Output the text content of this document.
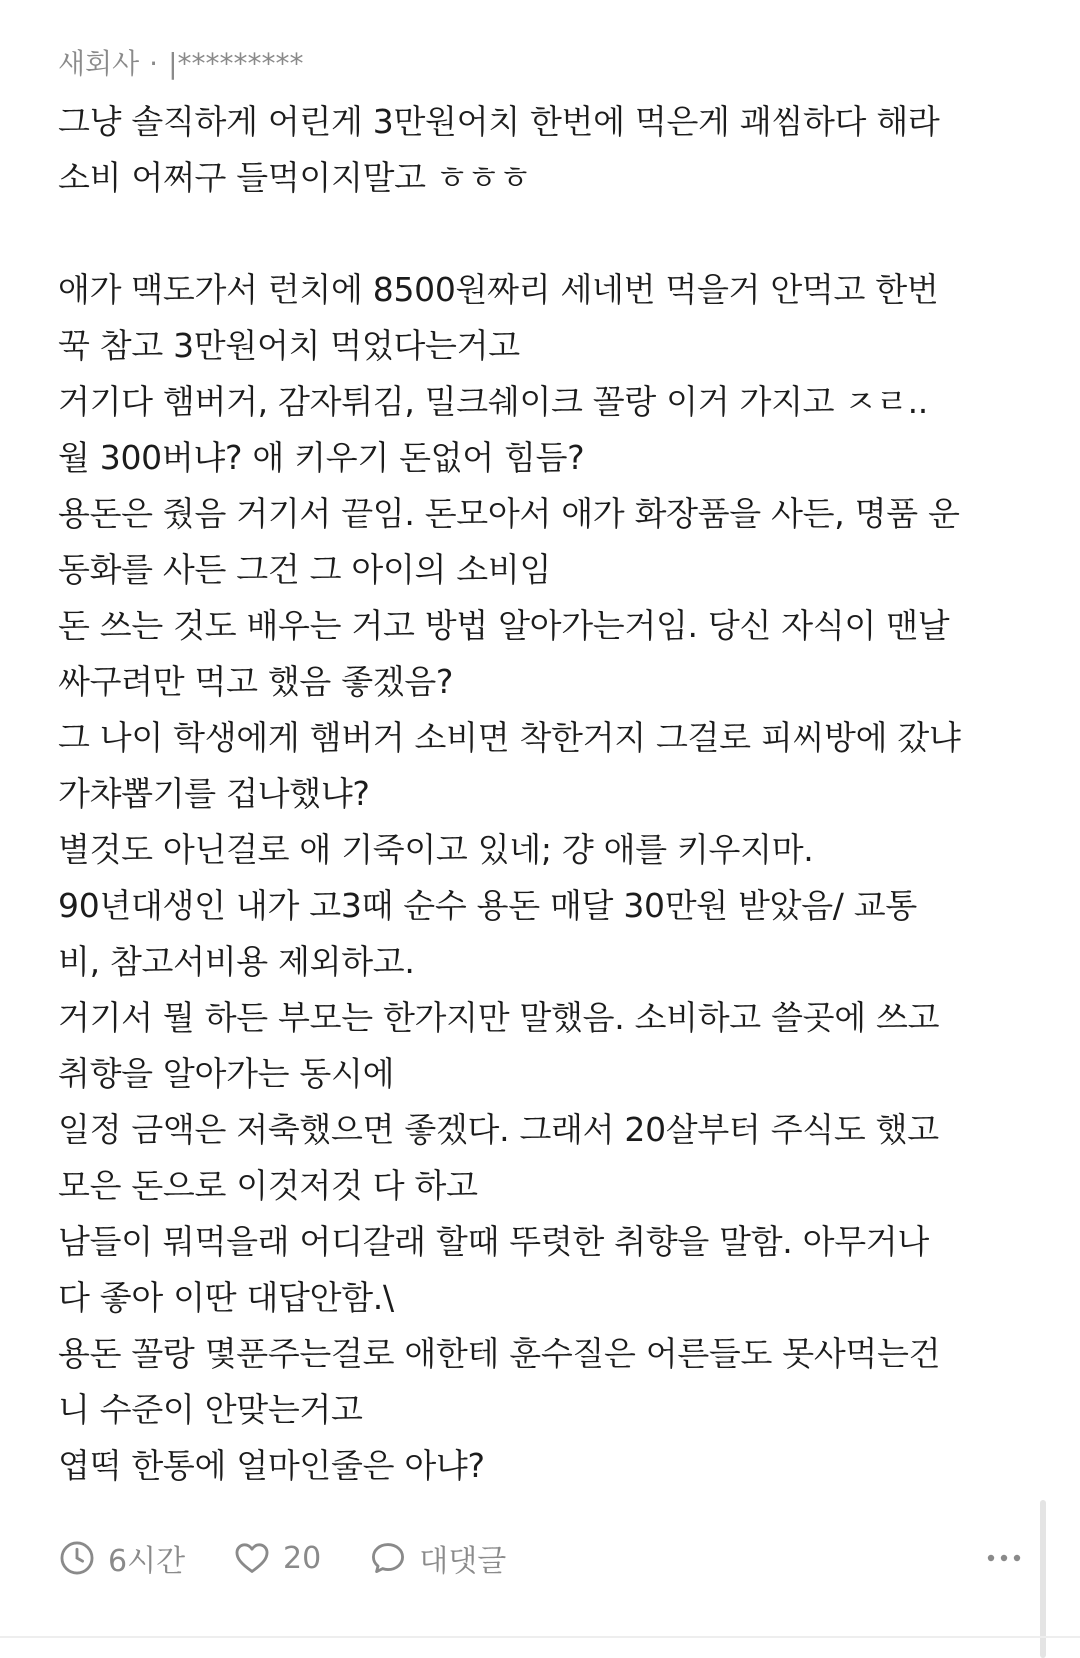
새회사 · |*********
그냥 솔직하게 어린게 3만원어치 한번에 먹은게 괘씸하다 해라
소비 어쩌구 들먹이지말고 ㅎㅎㅎ
애가 맥도가서 런치에 8500원짜리 세네번 먹을거 안먹고 한번
꾹 참고 3만원어치 먹었다는거고
거기다 햄버거, 감자튀김, 밀크쉐이크 꼴랑 이거 가지고 ㅈㄹ..
월 300버냐? 애 키우기 돈없어 힘듬?
용돈은 줬음 거기서 끝임. 돈모아서 애가 화장품을 사든, 명품 운
동화를 사든 그건 그 아이의 소비임
돈 쓰는 것도 배우는 거고 방법 알아가는거임. 당신 자식이 맨날
싸구려만 먹고 했음 좋겠음?
그 나이 학생에게 햄버거 소비면 착한거지 그걸로 피씨방에 갔냐
가챠뽑기를 겁나했냐?
별것도 아닌걸로 애 기죽이고 있네; 걍 애를 키우지마.
90년대생인 내가 고3때 순수 용돈 매달 30만원 받았음/ 교통
비, 참고서비용 제외하고.
거기서 뭘 하든 부모는 한가지만 말했음. 소비하고 쓸곳에 쓰고
취향을 알아가는 동시에
일정 금액은 저축했으면 좋겠다. 그래서 20살부터 주식도 했고
모은 돈으로 이것저것 다 하고
남들이 뭐먹을래 어디갈래 할때 뚜렷한 취향을 말함. 아무거나
다 좋아 이딴 대답안함.\
용돈 꼴랑 몇푼주는걸로 애한테 훈수질은 어른들도 못사먹는건
니 수준이 안맞는거고
엽떡 한통에 얼마인줄은 아냐?
6시간	20	대댓글
